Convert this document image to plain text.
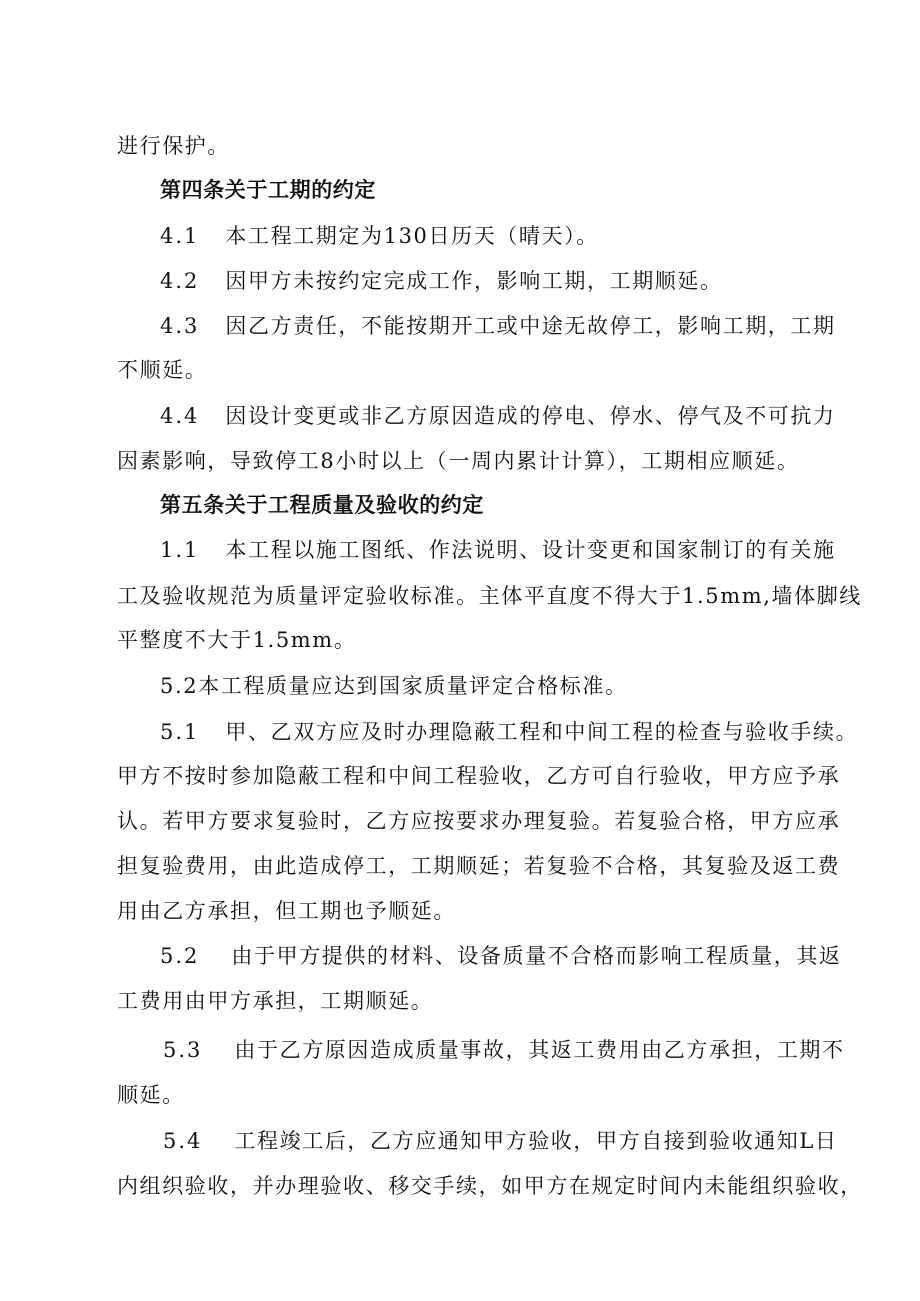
进行保护。
第四条关于工期的约定
4.1 本工程工期定为130日历天（晴天）。
4.2 因甲方未按约定完成工作，影响工期，工期顺延。
4.3 因乙方责任，不能按期开工或中途无故停工，影响工期，工期
不顺延。
4.4 因设计变更或非乙方原因造成的停电、停水、停气及不可抗力
因素影响，导致停工8小时以上（一周内累计计算），工期相应顺延。
第五条关于工程质量及验收的约定
1.1 本工程以施工图纸、作法说明、设计变更和国家制订的有关施
工及验收规范为质量评定验收标准。主体平直度不得大于1.5mm,墙体脚线
平整度不大于1.5mm。
5.2本工程质量应达到国家质量评定合格标准。
5.1 甲、乙双方应及时办理隐蔽工程和中间工程的检查与验收手续。
甲方不按时参加隐蔽工程和中间工程验收，乙方可自行验收，甲方应予承
认。若甲方要求复验时，乙方应按要求办理复验。若复验合格，甲方应承
担复验费用，由此造成停工，工期顺延；若复验不合格，其复验及返工费
用由乙方承担，但工期也予顺延。
5.2 由于甲方提供的材料、设备质量不合格而影响工程质量，其返
工费用由甲方承担，工期顺延。
5.3 由于乙方原因造成质量事故，其返工费用由乙方承担，工期不
顺延。
5.4 工程竣工后，乙方应通知甲方验收，甲方自接到验收通知L日
内组织验收，并办理验收、移交手续，如甲方在规定时间内未能组织验收，
